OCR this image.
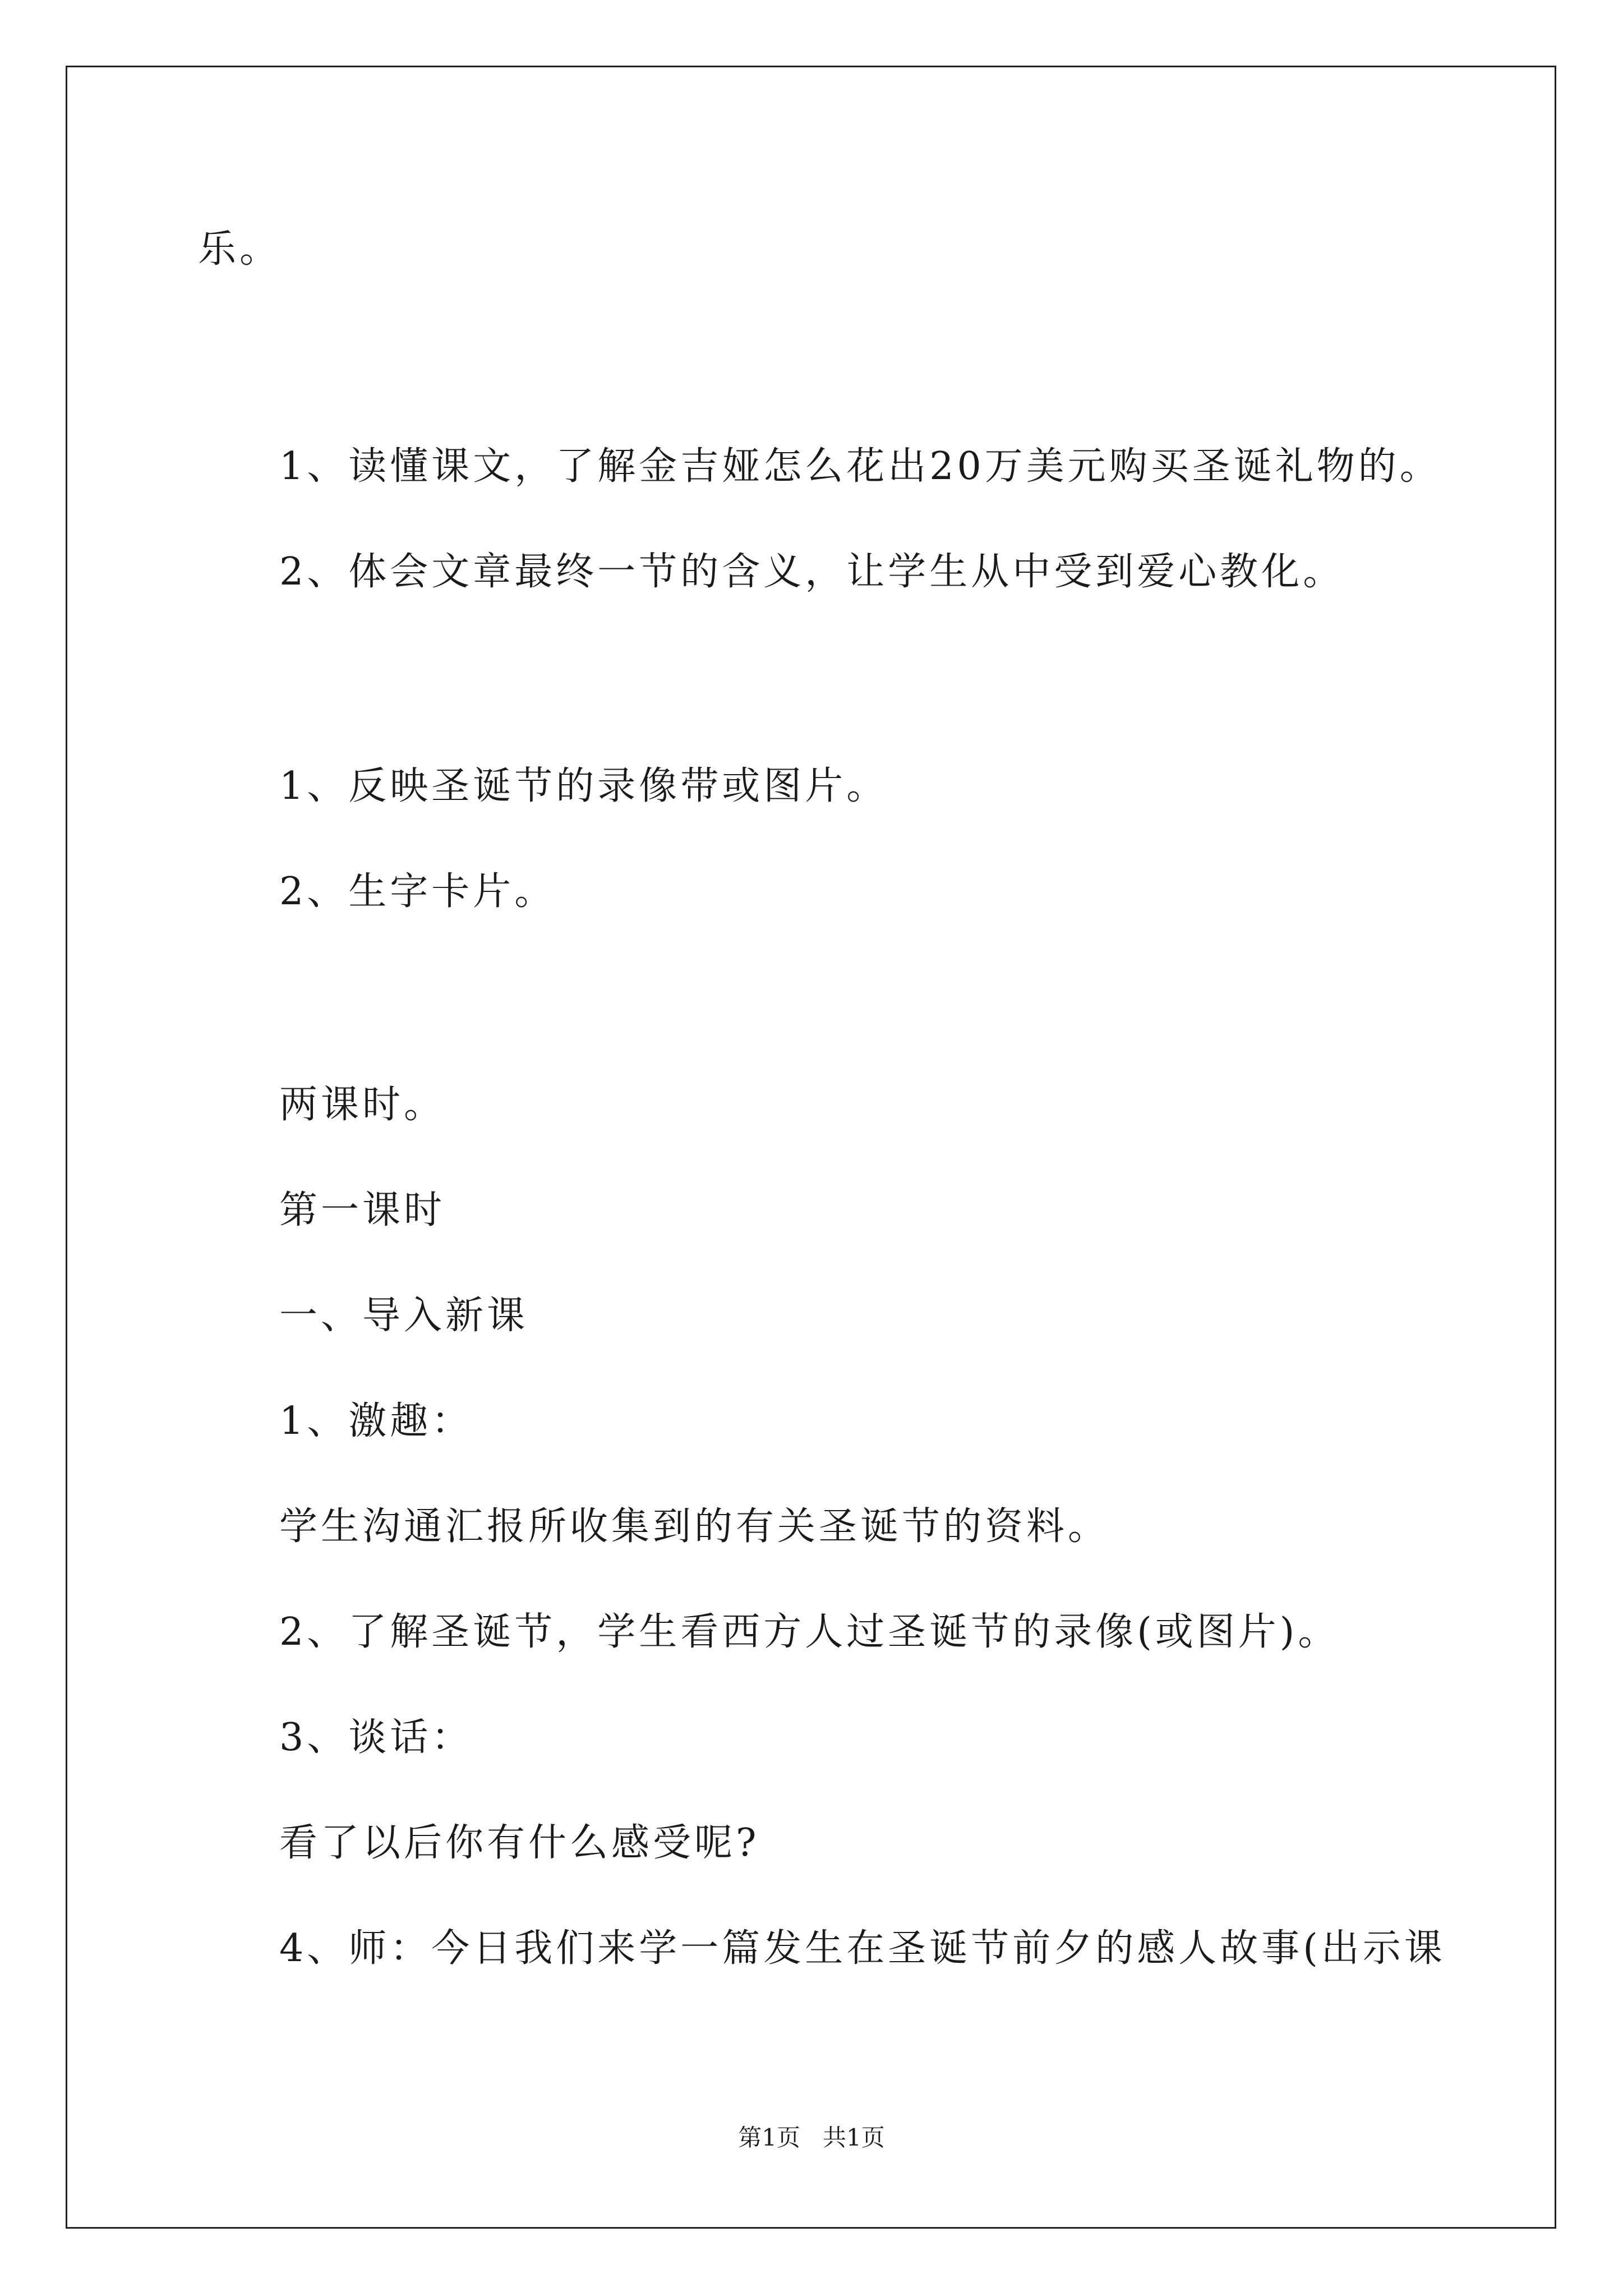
乐。

1、读懂课文，了解金吉娅怎么花出20万美元购买圣诞礼物的。

2、体会文章最终一节的含义，让学生从中受到爱心教化。

1、反映圣诞节的录像带或图片。

2、生字卡片。

两课时。

第一课时

一、导入新课

1、激趣：

学生沟通汇报所收集到的有关圣诞节的资料。

2、了解圣诞节，学生看西方人过圣诞节的录像(或图片)。

3、谈话：

看了以后你有什么感受呢?

4、师：今日我们来学一篇发生在圣诞节前夕的感人故事(出示课

第1页   共1页
